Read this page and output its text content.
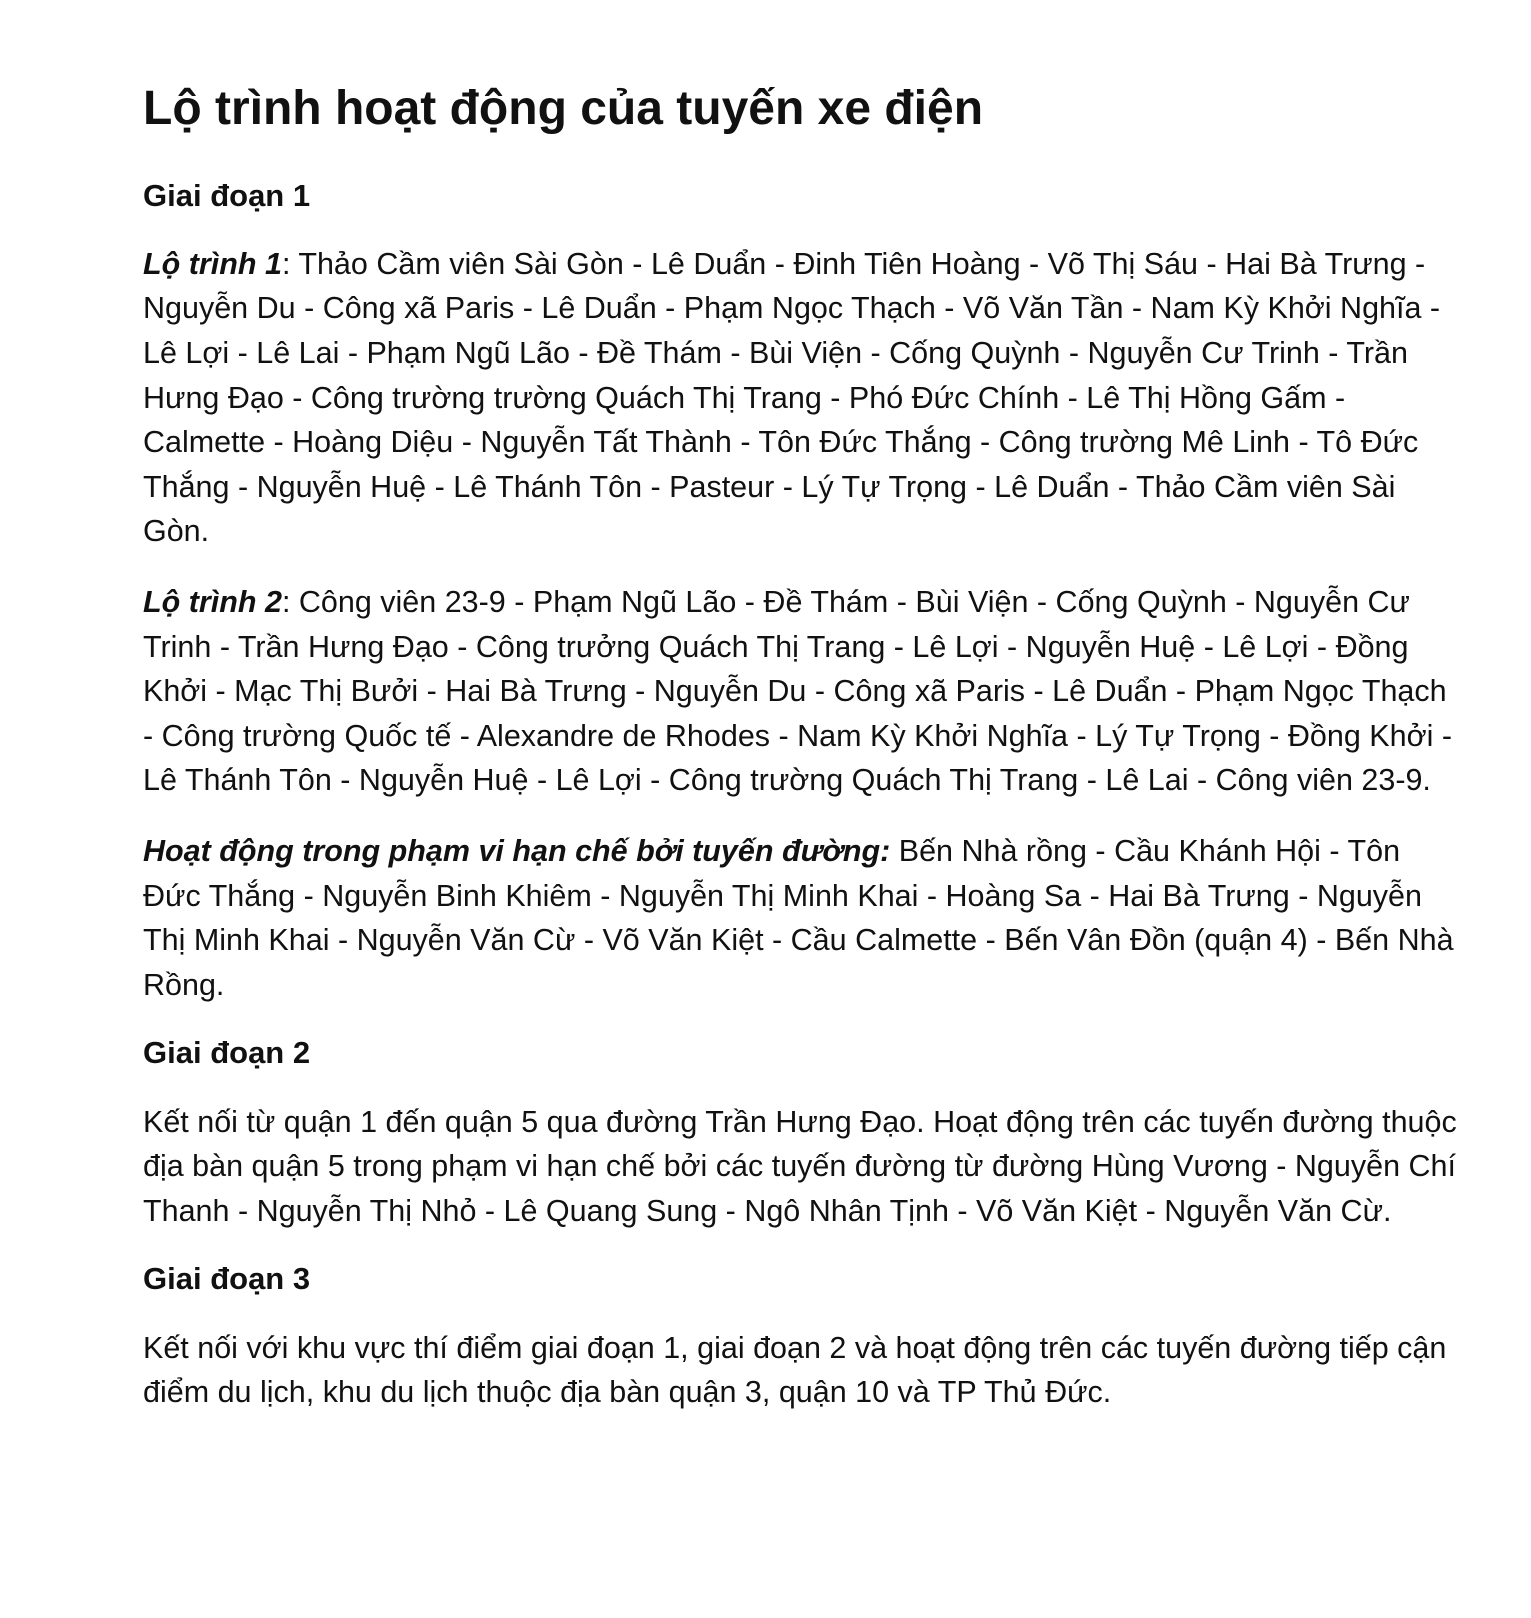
Lộ trình hoạt động của tuyến xe điện
Giai đoạn 1

Lộ trình 1: Thảo Cầm viên Sài Gòn - Lê Duẩn - Đinh Tiên Hoàng - Võ Thị Sáu - Hai Bà Trưng - Nguyễn Du - Công xã Paris - Lê Duẩn - Phạm Ngọc Thạch - Võ Văn Tần - Nam Kỳ Khởi Nghĩa - Lê Lợi - Lê Lai - Phạm Ngũ Lão - Đề Thám - Bùi Viện - Cống Quỳnh - Nguyễn Cư Trinh - Trần Hưng Đạo - Công trường trường Quách Thị Trang - Phó Đức Chính - Lê Thị Hồng Gấm - Calmette - Hoàng Diệu - Nguyễn Tất Thành - Tôn Đức Thắng - Công trường Mê Linh - Tô Đức Thắng - Nguyễn Huệ - Lê Thánh Tôn - Pasteur - Lý Tự Trọng - Lê Duẩn - Thảo Cầm viên Sài Gòn.

Lộ trình 2: Công viên 23-9 - Phạm Ngũ Lão - Đề Thám - Bùi Viện - Cống Quỳnh - Nguyễn Cư Trinh - Trần Hưng Đạo - Công trưởng Quách Thị Trang - Lê Lợi - Nguyễn Huệ - Lê Lợi - Đồng Khởi - Mạc Thị Bưởi - Hai Bà Trưng - Nguyễn Du - Công xã Paris - Lê Duẩn - Phạm Ngọc Thạch - Công trường Quốc tế - Alexandre de Rhodes - Nam Kỳ Khởi Nghĩa - Lý Tự Trọng - Đồng Khởi - Lê Thánh Tôn - Nguyễn Huệ - Lê Lợi - Công trường Quách Thị Trang - Lê Lai - Công viên 23-9.

Hoạt động trong phạm vi hạn chế bởi tuyến đường: Bến Nhà rồng - Cầu Khánh Hội - Tôn Đức Thắng - Nguyễn Binh Khiêm - Nguyễn Thị Minh Khai - Hoàng Sa - Hai Bà Trưng - Nguyễn Thị Minh Khai - Nguyễn Văn Cừ - Võ Văn Kiệt - Cầu Calmette - Bến Vân Đồn (quận 4) - Bến Nhà Rồng.

Giai đoạn 2

Kết nối từ quận 1 đến quận 5 qua đường Trần Hưng Đạo. Hoạt động trên các tuyến đường thuộc địa bàn quận 5 trong phạm vi hạn chế bởi các tuyến đường từ đường Hùng Vương - Nguyễn Chí Thanh - Nguyễn Thị Nhỏ - Lê Quang Sung - Ngô Nhân Tịnh - Võ Văn Kiệt - Nguyễn Văn Cừ.

Giai đoạn 3

Kết nối với khu vực thí điểm giai đoạn 1, giai đoạn 2 và hoạt động trên các tuyến đường tiếp cận điểm du lịch, khu du lịch thuộc địa bàn quận 3, quận 10 và TP Thủ Đức.
